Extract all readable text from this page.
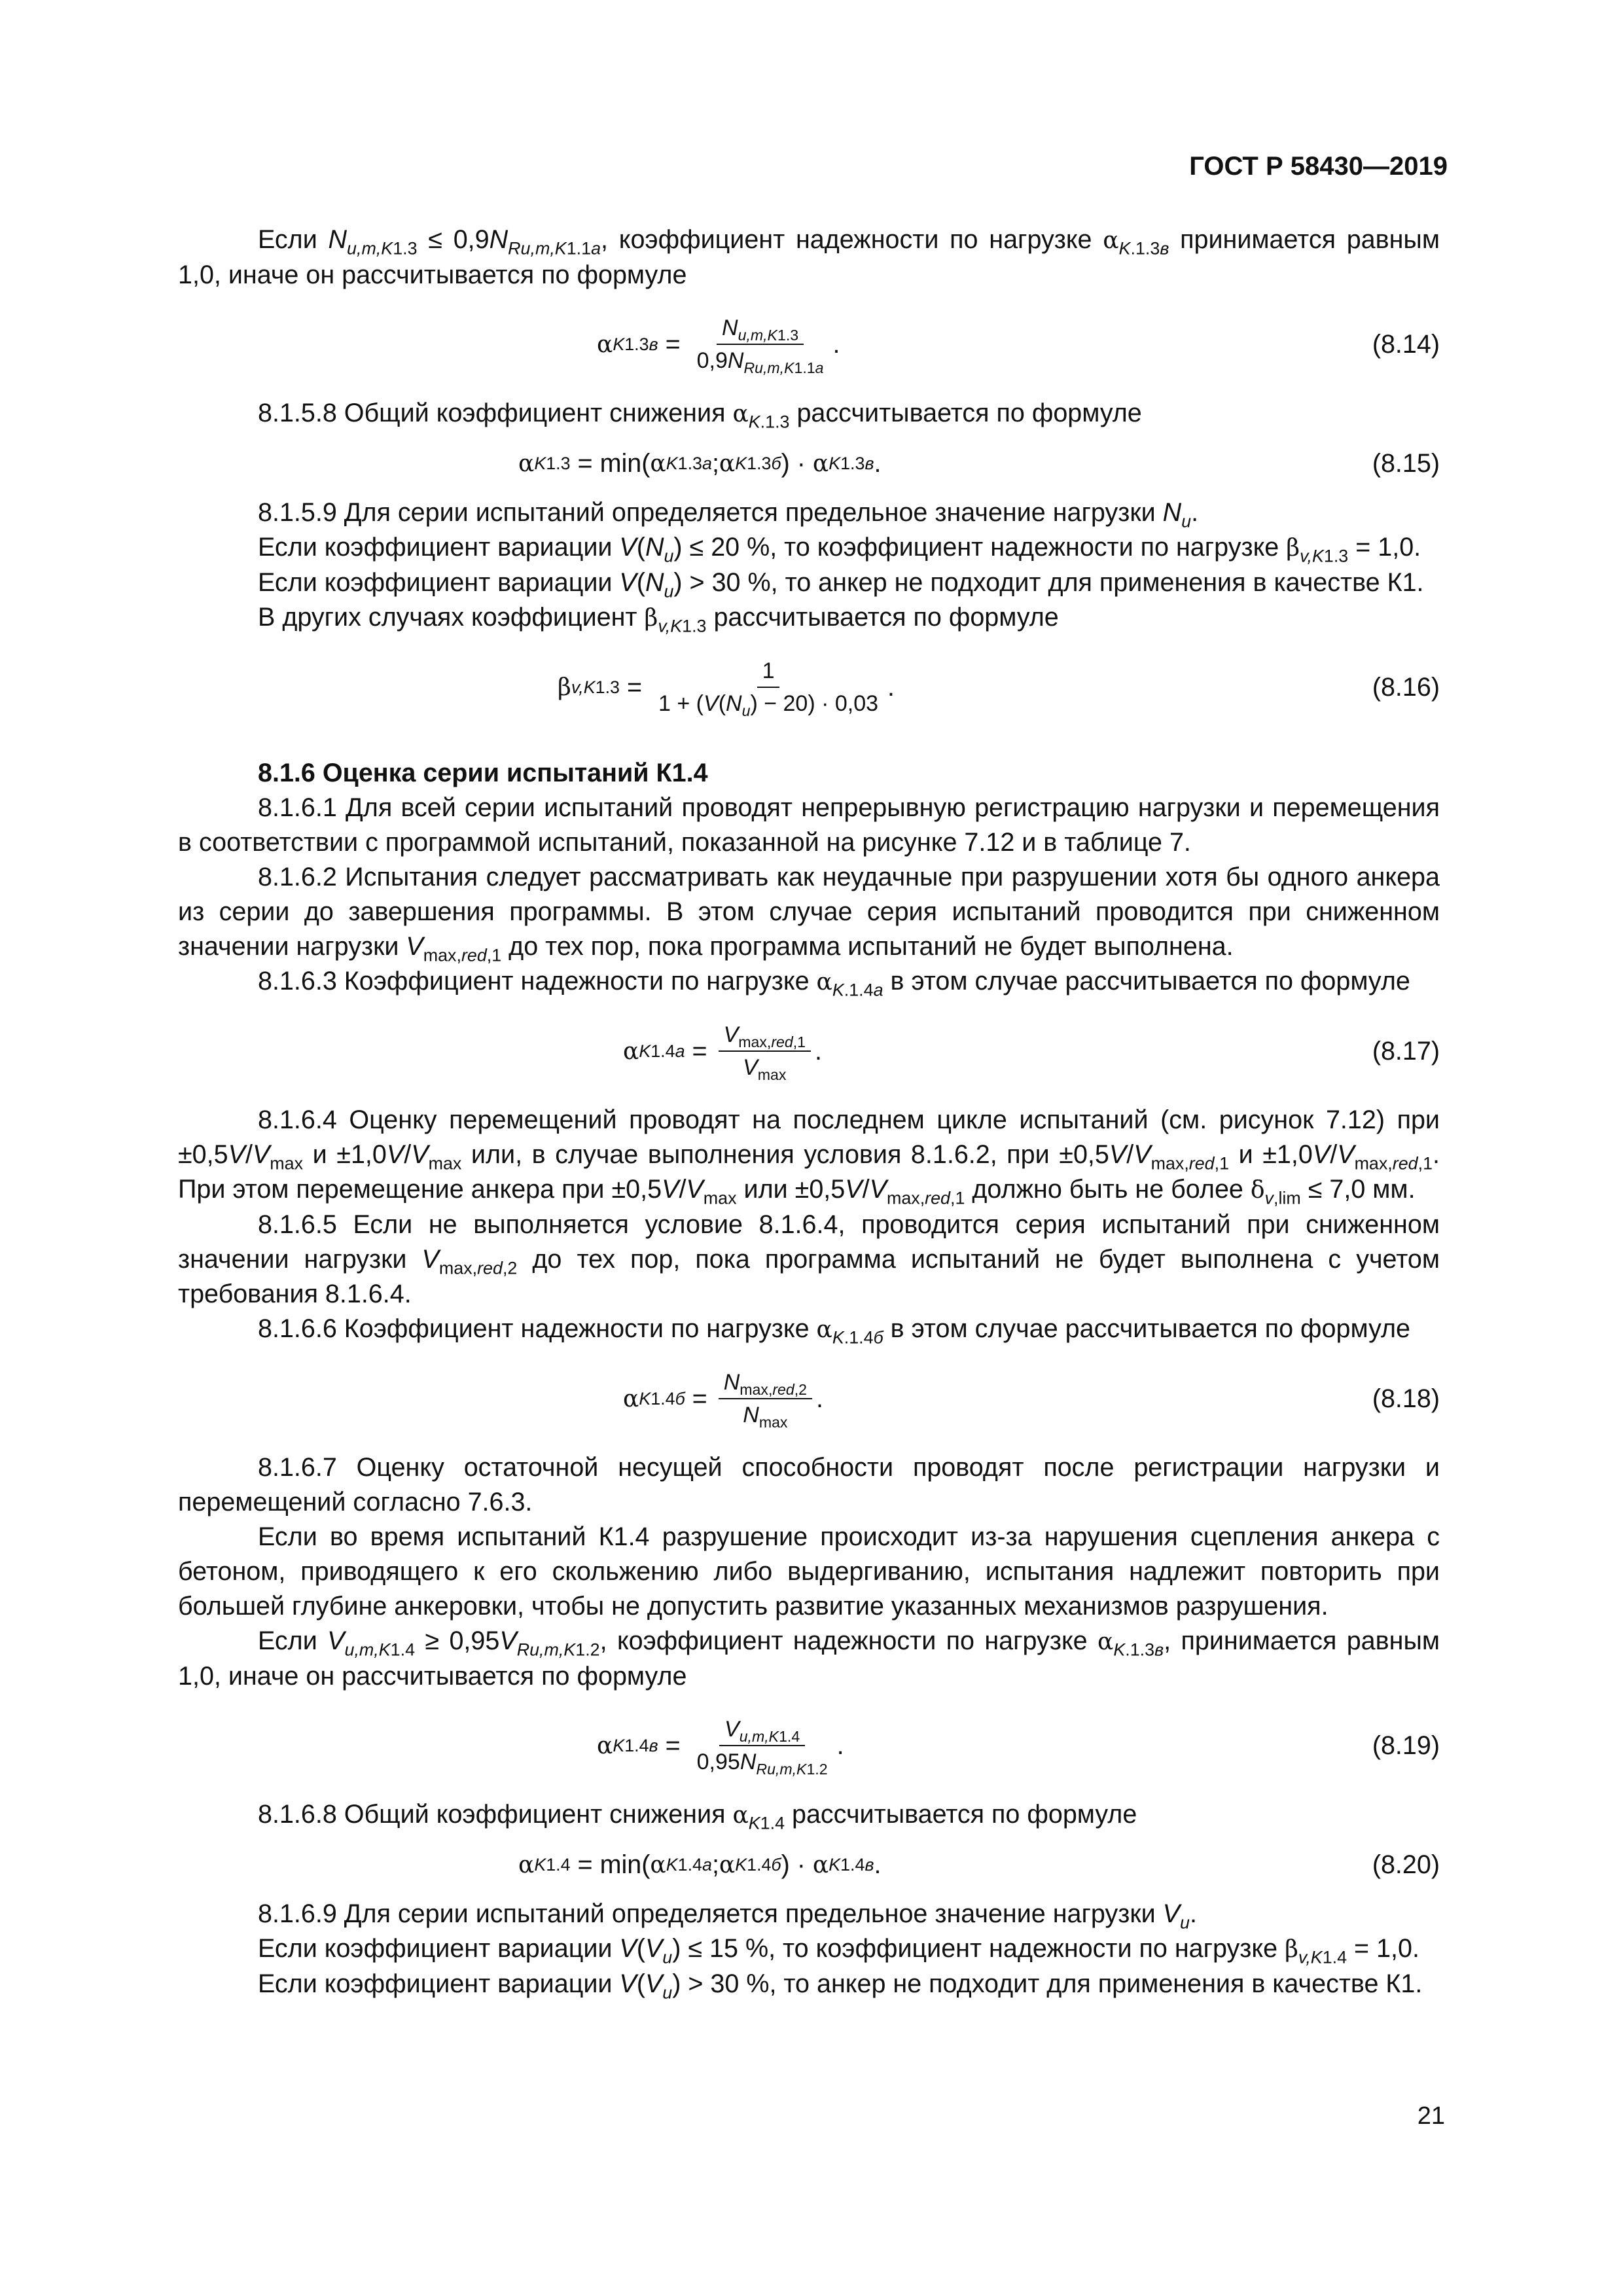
ГОСТ Р 58430—2019

Если $N_{u,m,K1.3} \le 0,9N_{Ru,m,K1.1a}$, коэффициент надежности по нагрузке $\alpha_{K.1.3в}$ принимается равным 1,0, иначе он рассчитывается по формуле

α $K1.3в = \frac{N_{u,m,K1.3}}{0,9N_{Ru,m,K1.1a}}$ .	(8.14)

8.1.5.8 Общий коэффициент снижения $\alpha_{K.1.3}$ рассчитывается по формуле

α K1.3 = min( α K1.3a ; α K1.3б ) · α K1.3в .	(8.15)

8.1.5.9 Для серии испытаний определяется предельное значение нагрузки $N_u$.

Если коэффициент вариации $V(N_u) \le 20$ %, то коэффициент надежности по нагрузке $\beta_{v,K1.3} = 1,0$.

Если коэффициент вариации $V(N_u) > 30$ %, то анкер не подходит для применения в качестве К1.

В других случаях коэффициент $\beta_{v,K1.3}$ рассчитывается по формуле

β $v,K1.3 = \frac{1}{1 + (V(N_u) - 20) \cdot 0,03}$ .	(8.16)

8.1.6 Оценка серии испытаний К1.4

8.1.6.1 Для всей серии испытаний проводят непрерывную регистрацию нагрузки и перемещения в соответствии с программой испытаний, показанной на рисунке 7.12 и в таблице 7.

8.1.6.2 Испытания следует рассматривать как неудачные при разрушении хотя бы одного анкера из серии до завершения программы. В этом случае серия испытаний проводится при сниженном значении нагрузки $V_{max,red,1}$ до тех пор, пока программа испытаний не будет выполнена.

8.1.6.3 Коэффициент надежности по нагрузке $\alpha_{K.1.4a}$ в этом случае рассчитывается по формуле

α $K1.4a = \frac{V_{max,red,1}}{V_{max}}$ .	(8.17)

8.1.6.4 Оценку перемещений проводят на последнем цикле испытаний (см. рисунок 7.12) при $\pm 0,5V/V_{max}$ $и \pm 1,0V/V_{max}$ или, в случае выполнения условия 8.1.6.2, при $\pm 0,5V/V_{max,red,1}$ $и \pm 1,0V/V_{max,red,1}$. При этом перемещение анкера при $\pm 0,5V/V_{max}$ или $\pm 0,5V/V_{max,red,1}$ должно быть не более $\delta_{v,lim} \le 7,0$ мм.

8.1.6.5 Если не выполняется условие 8.1.6.4, проводится серия испытаний при сниженном значении нагрузки $V_{max,red,2}$ до тех пор, пока программа испытаний не будет выполнена с учетом требования 8.1.6.4.

8.1.6.6 Коэффициент надежности по нагрузке $\alpha_{K.1.4б}$ в этом случае рассчитывается по формуле

α $K1.4б = \frac{N_{max,red,2}}{N_{max}}$ .	(8.18)

8.1.6.7 Оценку остаточной несущей способности проводят после регистрации нагрузки и перемещений согласно 7.6.3.

Если во время испытаний К1.4 разрушение происходит из-за нарушения сцепления анкера с бетоном, приводящего к его скольжению либо выдергиванию, испытания надлежит повторить при большей глубине анкеровки, чтобы не допустить развитие указанных механизмов разрушения.

Если $V_{u,m,K1.4} \ge 0,95V_{Ru,m,K1.2}$, коэффициент надежности по нагрузке $\alpha_{K.1.3в}$, принимается равным 1,0, иначе он рассчитывается по формуле

α $K1.4в = \frac{V_{u,m,K1.4}}{0,95N_{Ru,m,K1.2}}$ .	(8.19)

8.1.6.8 Общий коэффициент снижения $\alpha_{K1.4}$ рассчитывается по формуле

α K1.4 = min( α K1.4a ; α K1.4б ) · α K1.4в .	(8.20)

8.1.6.9 Для серии испытаний определяется предельное значение нагрузки $V_u$.

Если коэффициент вариации $V(V_u) \le 15$ %, то коэффициент надежности по нагрузке $\beta_{v,K1.4} = 1,0$.

Если коэффициент вариации $V(V_u) > 30$ %, то анкер не подходит для применения в качестве К1.

21
